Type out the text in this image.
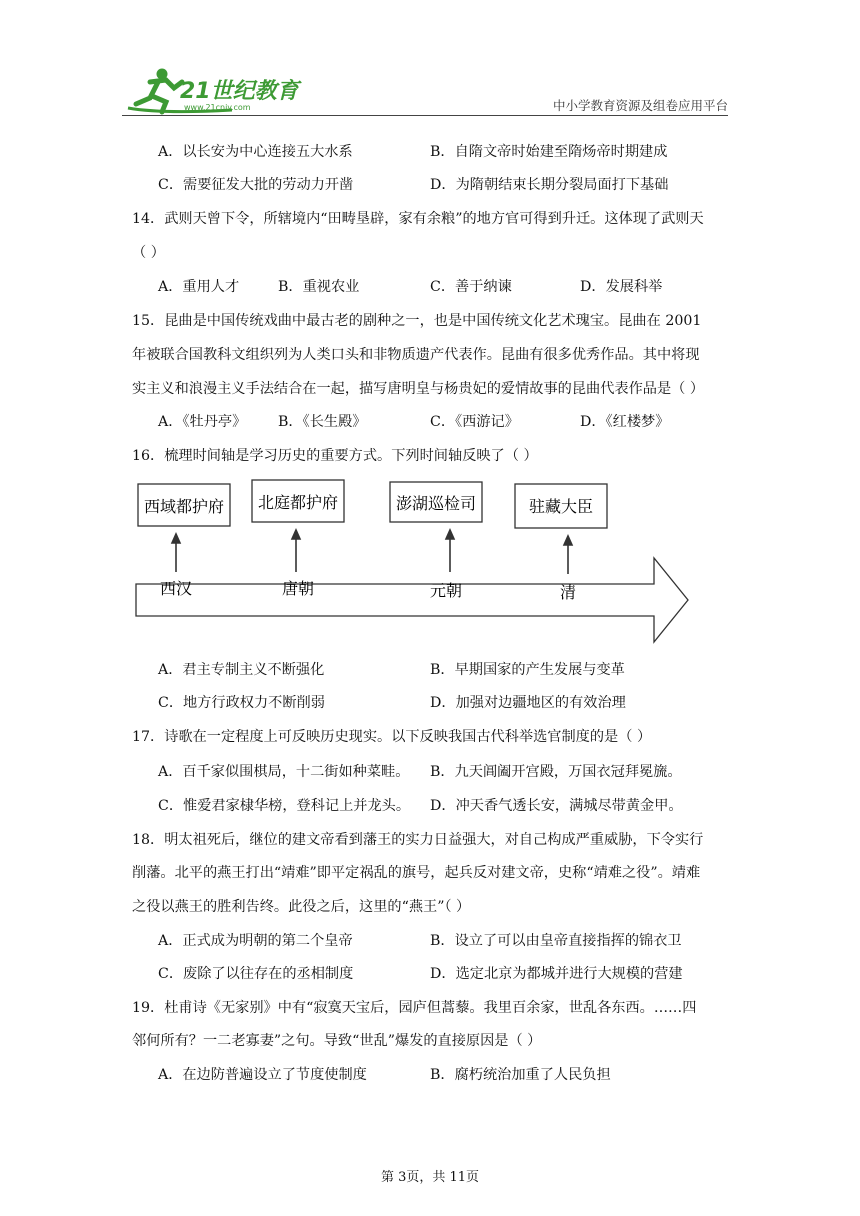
21世纪教育
www.21cnjy.com	中小学教育资源及组卷应用平台
A．以长安为中心连接五大水系	B．自隋文帝时始建至隋炀帝时期建成
C．需要征发大批的劳动力开凿	D．为隋朝结束长期分裂局面打下基础
14．武则天曾下令，所辖境内“田畴垦辟，家有余粮”的地方官可得到升迁。这体现了武则天
（ ）
A．重用人才	B．重视农业	C．善于纳谏	D．发展科举
15．昆曲是中国传统戏曲中最古老的剧种之一，也是中国传统文化艺术瑰宝。昆曲在 2001
年被联合国教科文组织列为人类口头和非物质遗产代表作。昆曲有很多优秀作品。其中将现
实主义和浪漫主义手法结合在一起，描写唐明皇与杨贵妃的爱情故事的昆曲代表作品是（ ）
A．《牡丹亭》 B．《长生殿》	C．《西游记》	D．《红楼梦》
16．梳理时间轴是学习历史的重要方式。下列时间轴反映了（ ）
西域都护府 北庭都护府	澎湖巡检司	驻藏大臣
西汉	唐朝	元朝	清
A．君主专制主义不断强化	B．早期国家的产生发展与变革
C．地方行政权力不断削弱	D．加强对边疆地区的有效治理
17．诗歌在一定程度上可反映历史现实。以下反映我国古代科举选官制度的是（ ）
A．百千家似围棋局，十二街如种菜畦。 B．九天阊阖开宫殿，万国衣冠拜冕旒。
C．惟爱君家棣华榜，登科记上并龙头。 D．冲天香气透长安，满城尽带黄金甲。
18．明太祖死后，继位的建文帝看到藩王的实力日益强大，对自己构成严重威胁，下令实行
削藩。北平的燕王打出“靖难”即平定祸乱的旗号，起兵反对建文帝，史称“靖难之役”。靖难
之役以燕王的胜利告终。此役之后，这里的“燕王”（ ）
A．正式成为明朝的第二个皇帝	B．设立了可以由皇帝直接指挥的锦衣卫
C．废除了以往存在的丞相制度	D．选定北京为都城并进行大规模的营建
19．杜甫诗《无家别》中有“寂寞天宝后，园庐但蒿藜。我里百余家，世乱各东西。……四
邻何所有？一二老寡妻”之句。导致“世乱”爆发的直接原因是（ ）
A．在边防普遍设立了节度使制度	B．腐朽统治加重了人民负担
第 3页，共 11页
